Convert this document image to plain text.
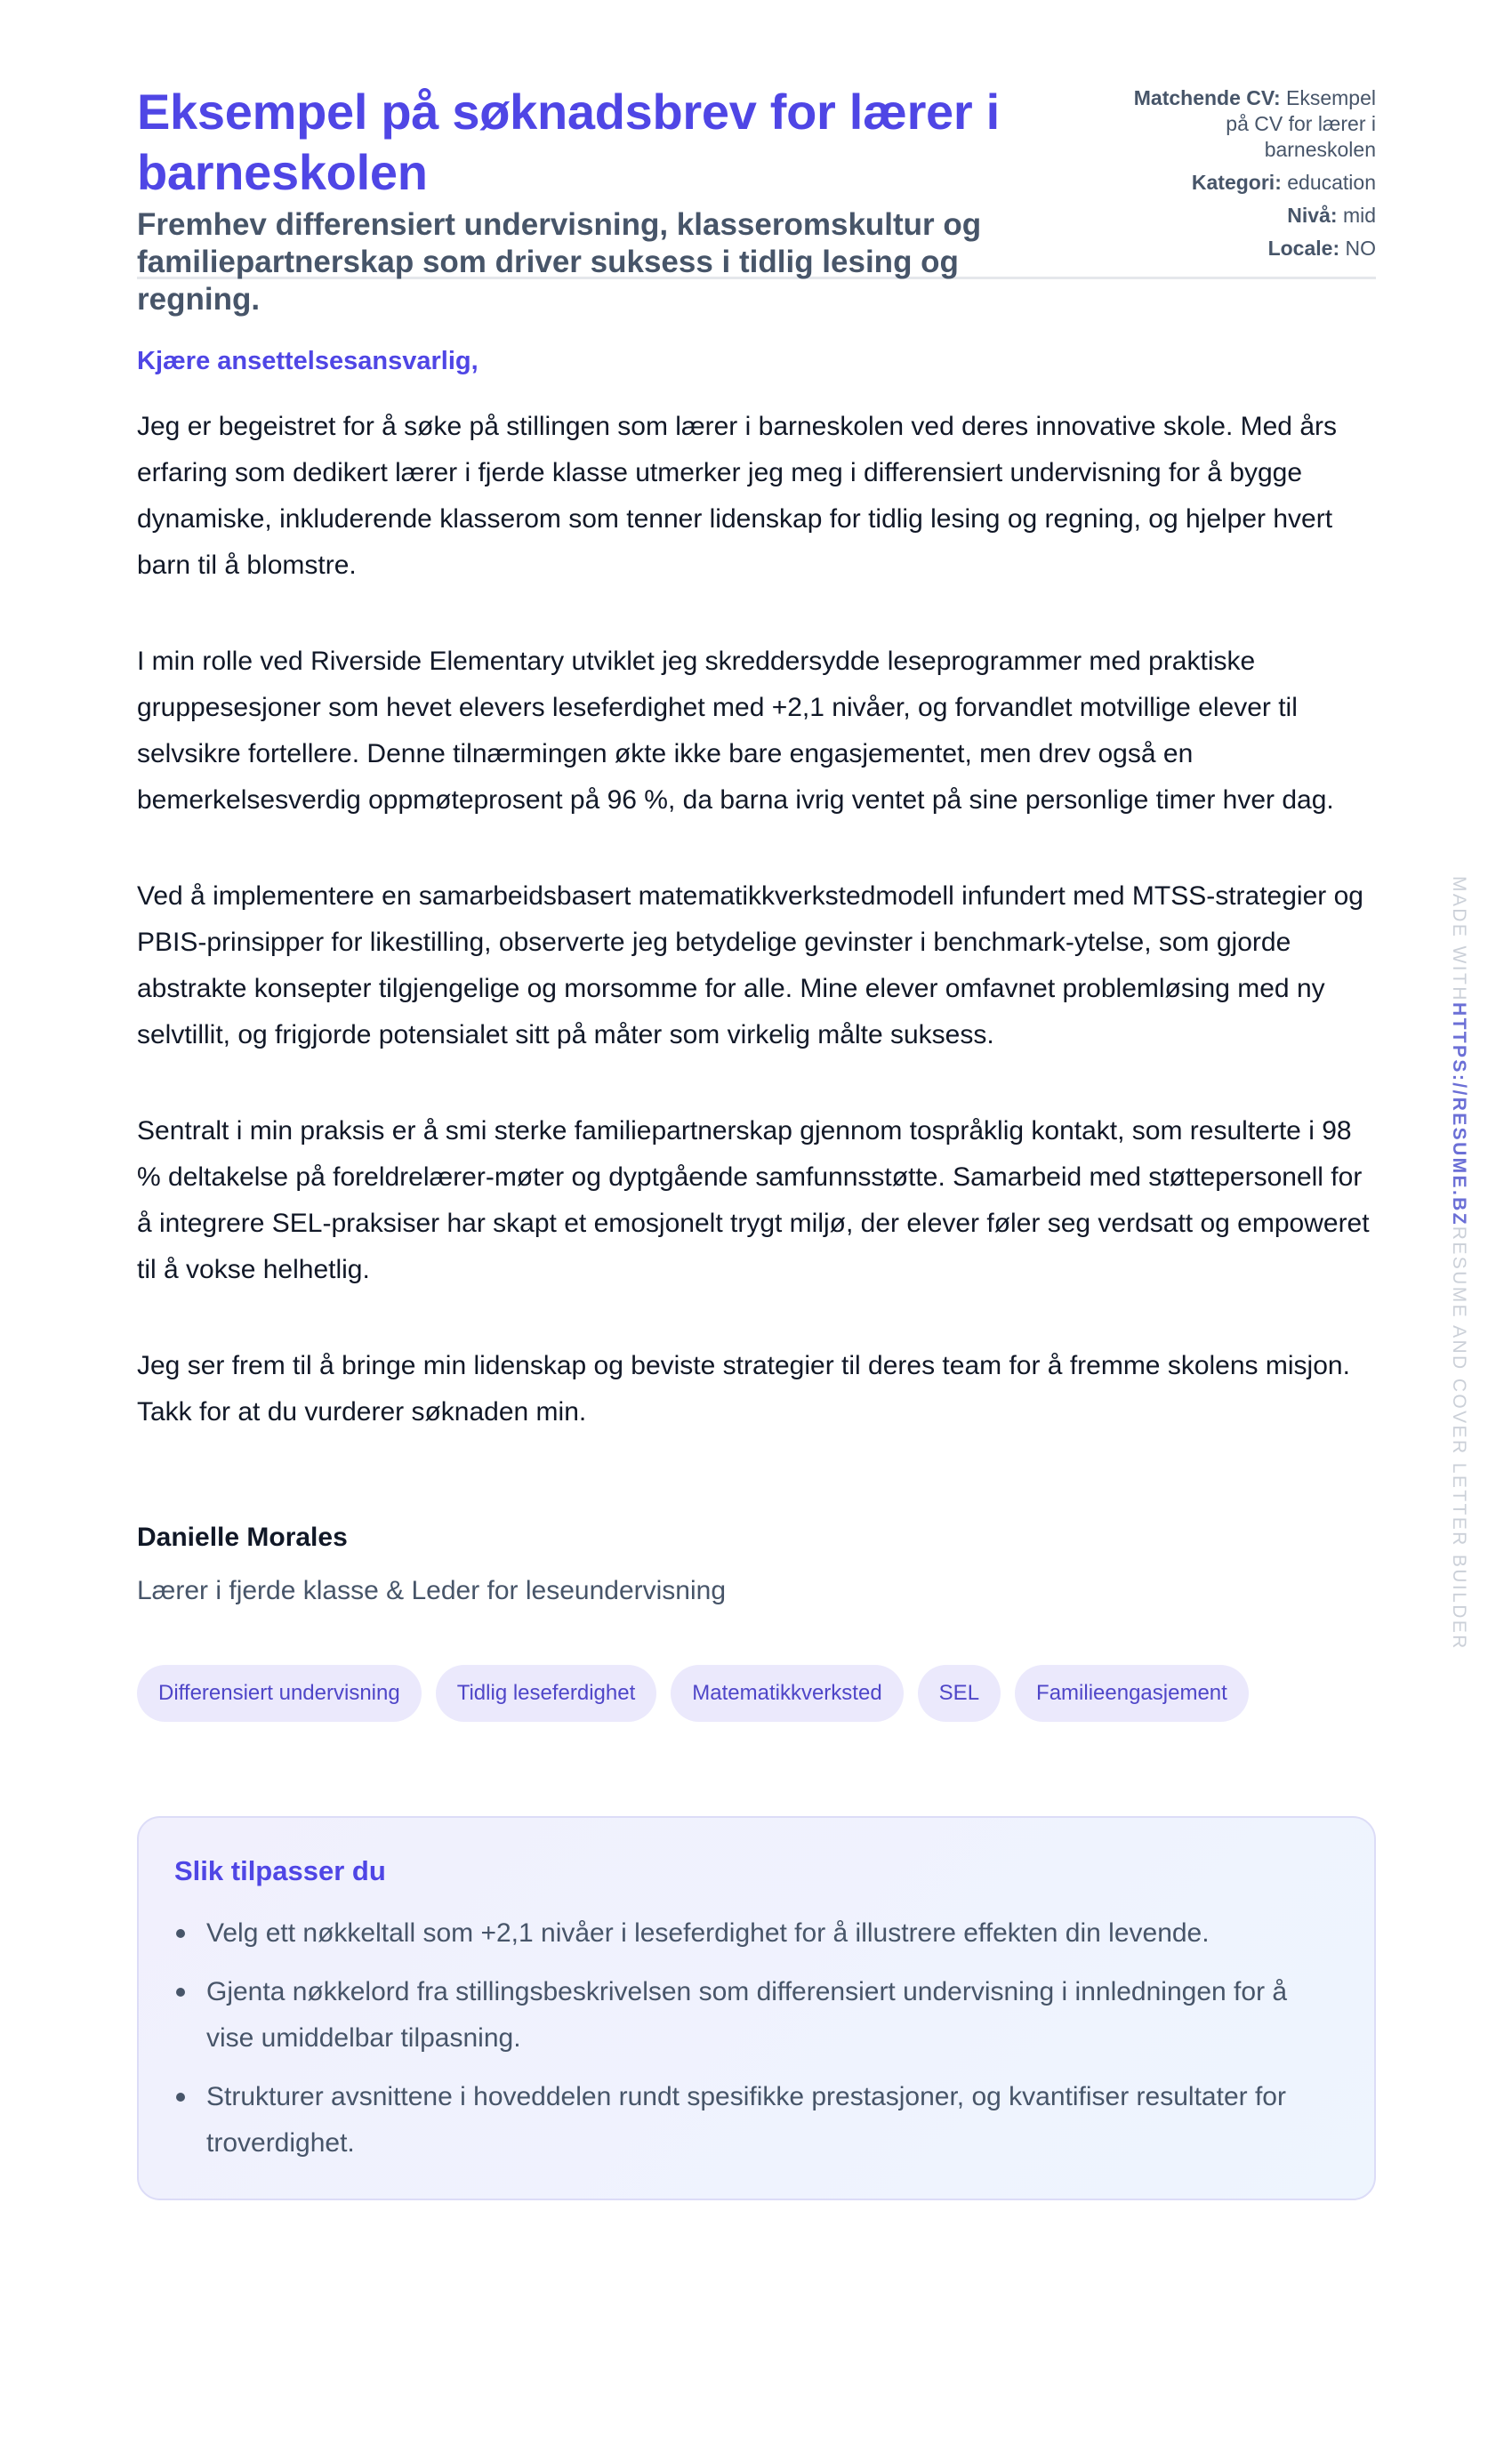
Eksempel på søknadsbrev for lærer i barneskolen

Fremhev differensiert undervisning, klasseromskultur og familiepartnerskap som driver suksess i tidlig lesing og regning.

Matchende CV: Eksempel på CV for lærer i barneskolen
Kategori: education
Nivå: mid
Locale: NO

Kjære ansettelsesansvarlig,

Jeg er begeistret for å søke på stillingen som lærer i barneskolen ved deres innovative skole. Med års erfaring som dedikert lærer i fjerde klasse utmerker jeg meg i differensiert undervisning for å bygge dynamiske, inkluderende klasserom som tenner lidenskap for tidlig lesing og regning, og hjelper hvert barn til å blomstre.

I min rolle ved Riverside Elementary utviklet jeg skreddersydde leseprogrammer med praktiske gruppesesjoner som hevet elevers leseferdighet med +2,1 nivåer, og forvandlet motvillige elever til selvsikre fortellere. Denne tilnærmingen økte ikke bare engasjementet, men drev også en bemerkelsesverdig oppmøteprosent på 96 %, da barna ivrig ventet på sine personlige timer hver dag.

Ved å implementere en samarbeidsbasert matematikkverkstedmodell infundert med MTSS-strategier og PBIS-prinsipper for likestilling, observerte jeg betydelige gevinster i benchmark-ytelse, som gjorde abstrakte konsepter tilgjengelige og morsomme for alle. Mine elever omfavnet problemløsing med ny selvtillit, og frigjorde potensialet sitt på måter som virkelig målte suksess.

Sentralt i min praksis er å smi sterke familiepartnerskap gjennom tospråklig kontakt, som resulterte i 98 % deltakelse på foreldrelærer-møter og dyptgående samfunnsstøtte. Samarbeid med støttepersonell for å integrere SEL-praksiser har skapt et emosjonelt trygt miljø, der elever føler seg verdsatt og empoweret til å vokse helhetlig.

Jeg ser frem til å bringe min lidenskap og beviste strategier til deres team for å fremme skolens misjon. Takk for at du vurderer søknaden min.

Danielle Morales
Lærer i fjerde klasse & Leder for leseundervisning
Differensiert undervisning	Tidlig leseferdighet	Matematikkverksted	SEL	Familieengasjement
Slik tilpasser du
Velg ett nøkkeltall som +2,1 nivåer i leseferdighet for å illustrere effekten din levende.
Gjenta nøkkelord fra stillingsbeskrivelsen som differensiert undervisning i innledningen for å vise umiddelbar tilpasning.
Strukturer avsnittene i hoveddelen rundt spesifikke prestasjoner, og kvantifiser resultater for troverdighet.
MADE WITHHTTPS://RESUME.BZRESUME AND COVER LETTER BUILDER
